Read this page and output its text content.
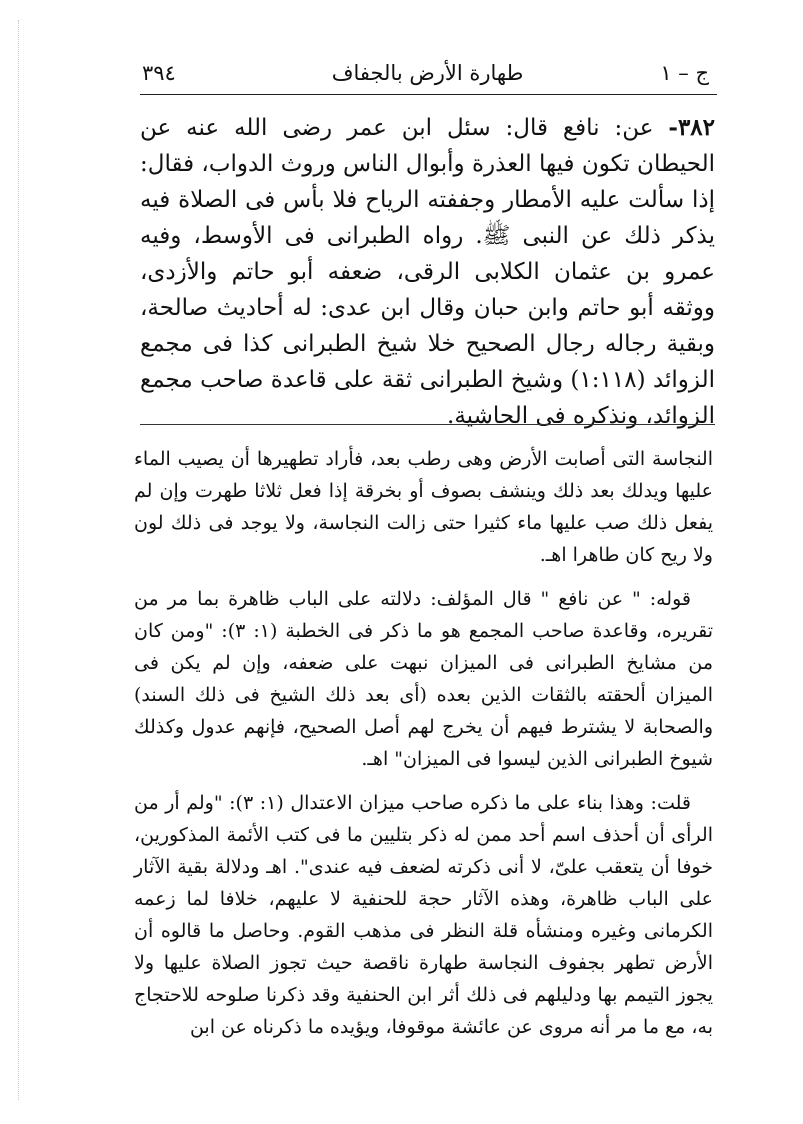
ج – ١
طهارة الأرض بالجفاف
٣٩٤

٣٨٢- عن: نافع قال: سئل ابن عمر رضى الله عنه عن الحيطان تكون فيها العذرة وأبوال الناس وروث الدواب، فقال: إذا سألت عليه الأمطار وجففته الرياح فلا بأس فى الصلاة فيه يذكر ذلك عن النبى ﷺ. رواه الطبرانى فى الأوسط، وفيه عمرو بن عثمان الكلابى الرقى، ضعفه أبو حاتم والأزدى، ووثقه أبو حاتم وابن حبان وقال ابن عدى: له أحاديث صالحة، وبقية رجاله رجال الصحيح خلا شيخ الطبرانى كذا فى مجمع الزوائد (١:١١٨) وشيخ الطبرانى ثقة على قاعدة صاحب مجمع الزوائد، ونذكره فى الحاشية.

النجاسة التى أصابت الأرض وهى رطب بعد، فأراد تطهيرها أن يصيب الماء عليها ويدلك بعد ذلك وينشف بصوف أو بخرقة إذا فعل ثلاثا طهرت وإن لم يفعل ذلك صب عليها ماء كثيرا حتى زالت النجاسة، ولا يوجد فى ذلك لون ولا ريح كان طاهرا اهـ.

قوله: " عن نافع " قال المؤلف: دلالته على الباب ظاهرة بما مر من تقريره، وقاعدة صاحب المجمع هو ما ذكر فى الخطبة (١: ٣): "ومن كان من مشايخ الطبرانى فى الميزان نبهت على ضعفه، وإن لم يكن فى الميزان ألحقته بالثقات الذين بعده (أى بعد ذلك الشيخ فى ذلك السند) والصحابة لا يشترط فيهم أن يخرج لهم أصل الصحيح، فإنهم عدول وكذلك شيوخ الطبرانى الذين ليسوا فى الميزان" اهـ.

قلت: وهذا بناء على ما ذكره صاحب ميزان الاعتدال (١: ٣): "ولم أر من الرأى أن أحذف اسم أحد ممن له ذكر بتليين ما فى كتب الأئمة المذكورين، خوفا أن يتعقب علىّ، لا أنى ذكرته لضعف فيه عندى". اهـ ودلالة بقية الآثار على الباب ظاهرة، وهذه الآثار حجة للحنفية لا عليهم، خلافا لما زعمه الكرمانى وغيره ومنشأه قلة النظر فى مذهب القوم. وحاصل ما قالوه أن الأرض تطهر بجفوف النجاسة طهارة ناقصة حيث تجوز الصلاة عليها ولا يجوز التيمم بها ودليلهم فى ذلك أثر ابن الحنفية وقد ذكرنا صلوحه للاحتجاج به، مع ما مر أنه مروى عن عائشة موقوفا، ويؤيده ما ذكرناه عن ابن
